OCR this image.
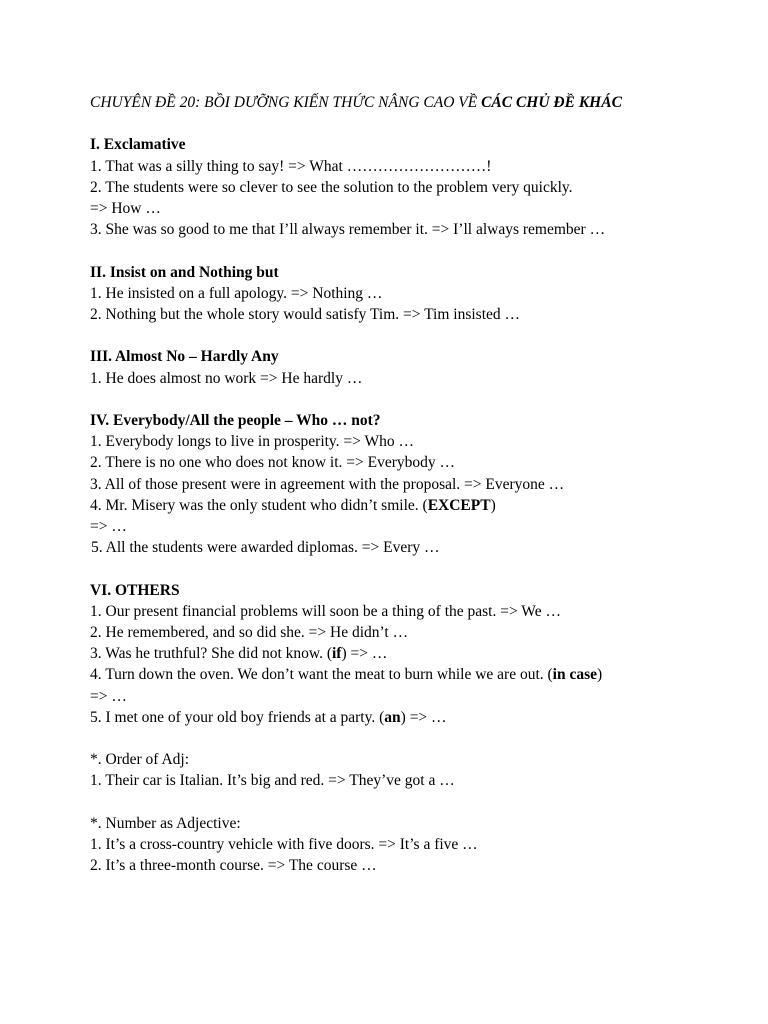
CHUYÊN ĐỀ 20: BỒI DƯỠNG KIẾN THỨC NÂNG CAO VỀ CÁC CHỦ ĐỀ KHÁC
I. Exclamative
1. That was a silly thing to say! => What ………………………!
2. The students were so clever to see the solution to the problem very quickly.
=> How …
3. She was so good to me that I’ll always remember it. => I’ll always remember …
II. Insist on and Nothing but
1. He insisted on a full apology. => Nothing …
2. Nothing but the whole story would satisfy Tim. => Tim insisted …
III. Almost No – Hardly Any
1. He does almost no work => He hardly …
IV. Everybody/All the people – Who … not?
1. Everybody longs to live in prosperity. => Who …
2. There is no one who does not know it. => Everybody …
3. All of those present were in agreement with the proposal. => Everyone …
4. Mr. Misery was the only student who didn’t smile. (EXCEPT)
=> …
5. All the students were awarded diplomas. => Every …
VI. OTHERS
1. Our present financial problems will soon be a thing of the past. => We …
2. He remembered, and so did she. => He didn’t …
3. Was he truthful? She did not know. (if) => …
4. Turn down the oven. We don’t want the meat to burn while we are out. (in case)
=> …
5. I met one of your old boy friends at a party. (an) => …
*. Order of Adj:
1. Their car is Italian. It’s big and red. => They’ve got a …
*. Number as Adjective:
1. It’s a cross-country vehicle with five doors. => It’s a five …
2. It’s a three-month course. => The course …
